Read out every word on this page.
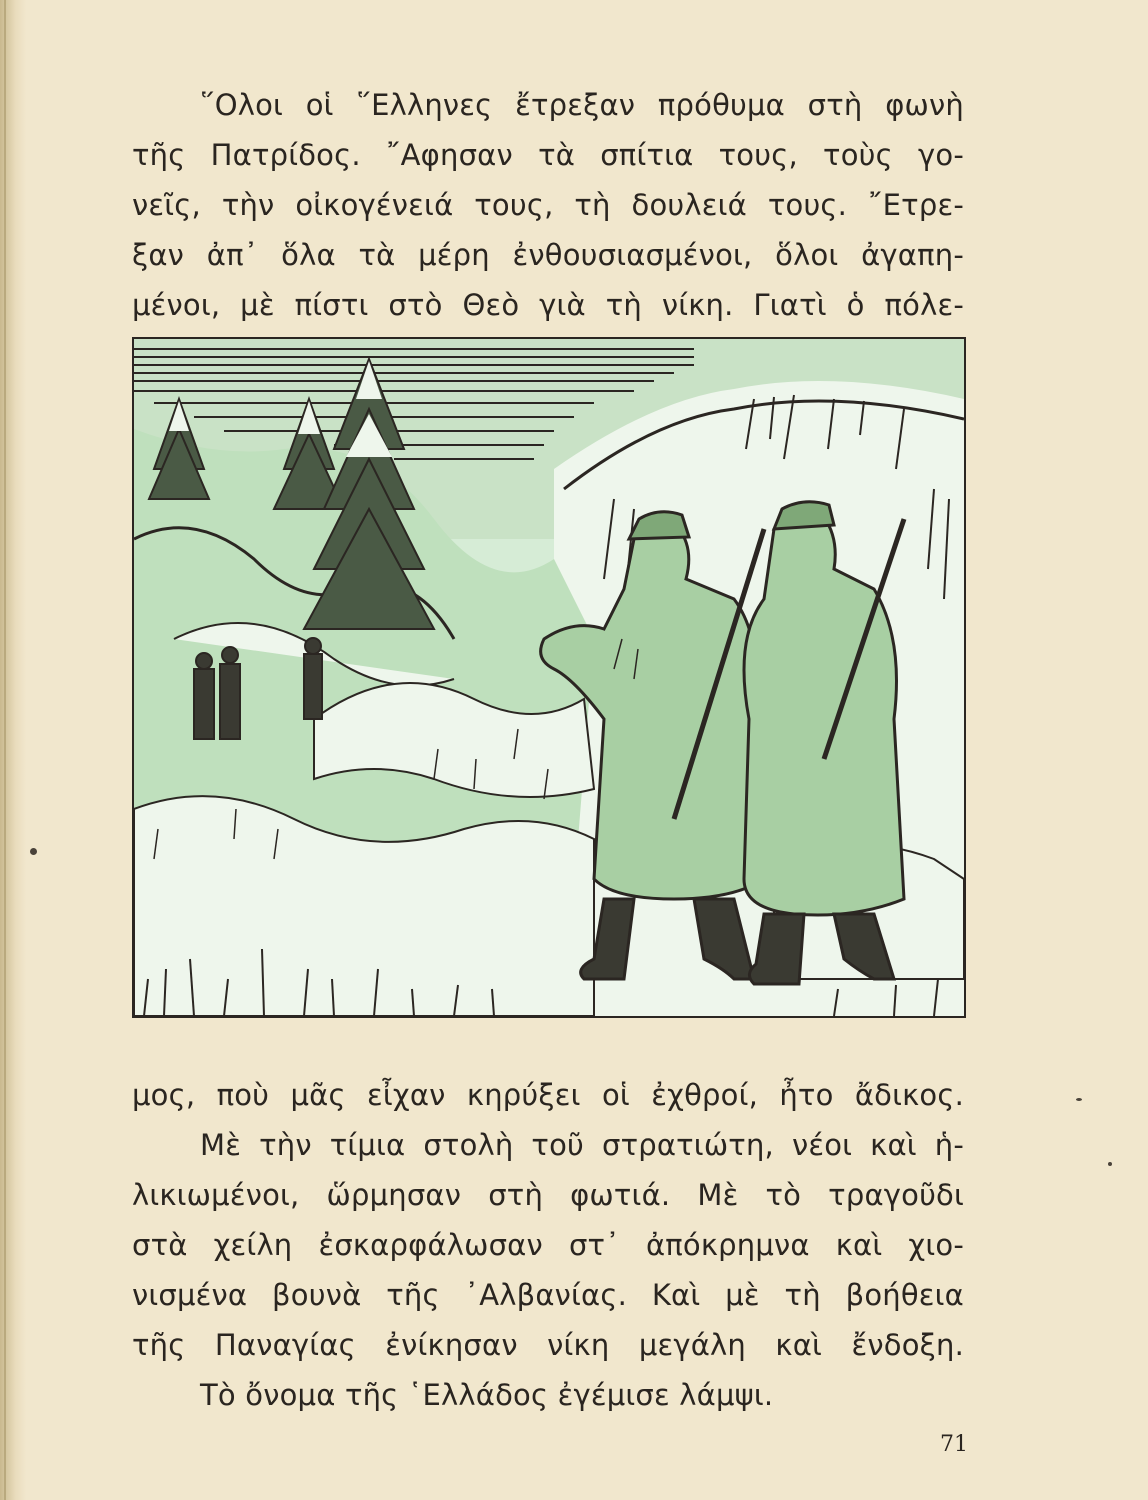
῞Ολοι οἱ ῞Ελληνες ἔτρεξαν πρόθυμα στὴ φωνὴ
τῆς Πατρίδος. ῎Αφησαν τὰ σπίτια τους, τοὺς γο-
νεῖς, τὴν οἰκογένειά τους, τὴ δουλειά τους. ῎Ετρε-
ξαν ἀπ᾿ ὅλα τὰ μέρη ἐνθουσιασμένοι, ὅλοι ἀγαπη-
μένοι, μὲ πίστι στὸ Θεὸ γιὰ τὴ νίκη. Γιατὶ ὁ πόλε-
μος, ποὺ μᾶς εἶχαν κηρύξει οἱ ἐχθροί, ἦτο ἄδικος.
Μὲ τὴν τίμια στολὴ τοῦ στρατιώτη, νέοι καὶ ἡ-
λικιωμένοι, ὥρμησαν στὴ φωτιά. Μὲ τὸ τραγοῦδι
στὰ χείλη ἐσκαρφάλωσαν στ᾿ ἀπόκρημνα καὶ χιο-
νισμένα βουνὰ τῆς ᾿Αλβανίας. Καὶ μὲ τὴ βοήθεια
τῆς Παναγίας ἐνίκησαν νίκη μεγάλη καὶ ἔνδοξη.
Τὸ ὄνομα τῆς ῾Ελλάδος ἐγέμισε λάμψι.
71
